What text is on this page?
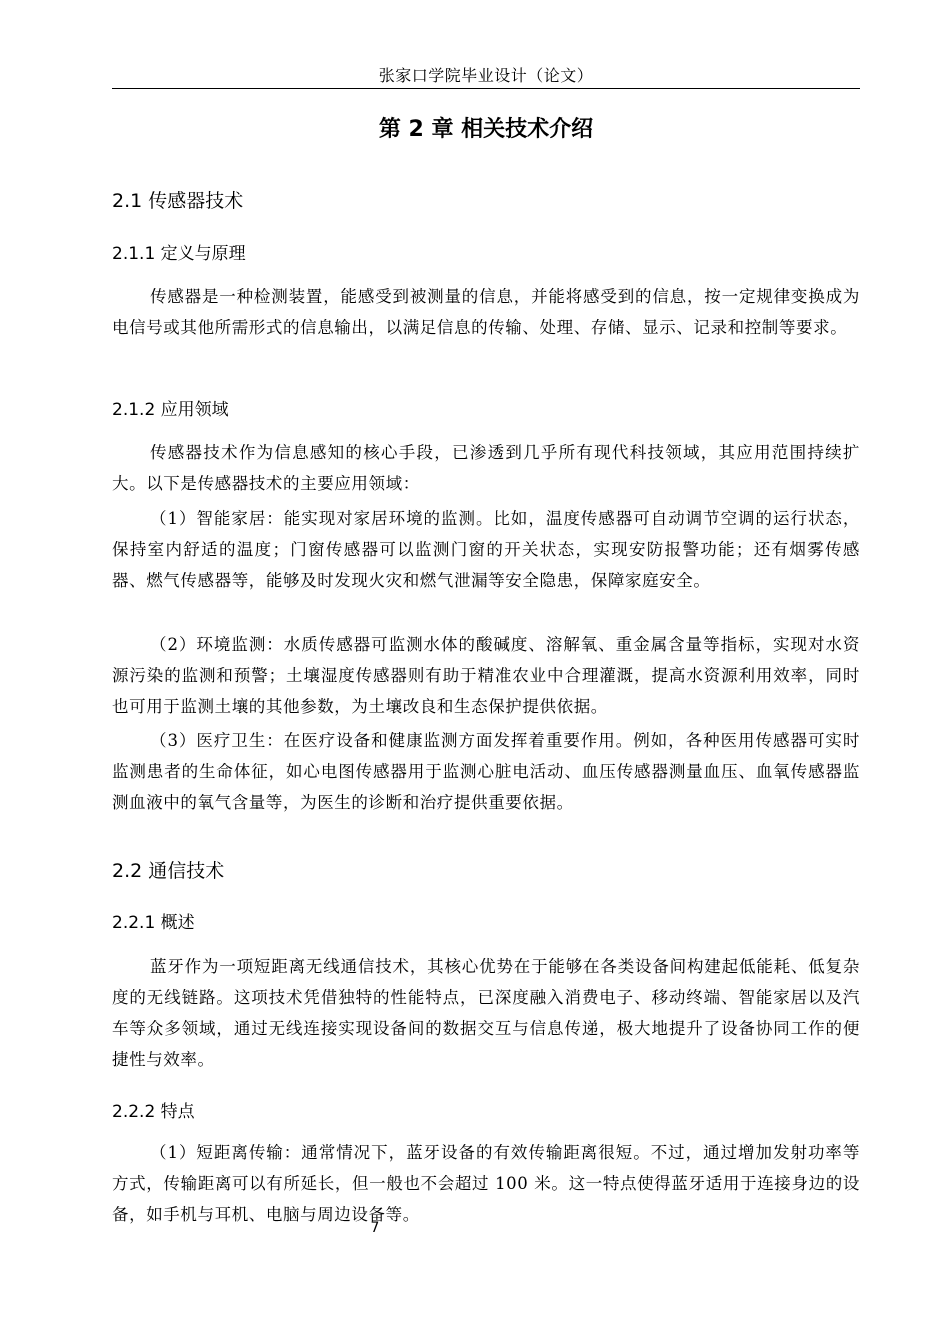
张家口学院毕业设计（论文）
第 2 章 相关技术介绍
2.1 传感器技术
2.1.1 定义与原理
传感器是一种检测装置，能感受到被测量的信息，并能将感受到的信息，按一定规律变换成为电信号或其他所需形式的信息输出，以满足信息的传输、处理、存储、显示、记录和控制等要求。
2.1.2 应用领域
传感器技术作为信息感知的核心手段，已渗透到几乎所有现代科技领域，其应用范围持续扩大。以下是传感器技术的主要应用领域：
（1）智能家居：能实现对家居环境的监测。比如，温度传感器可自动调节空调的运行状态，保持室内舒适的温度；门窗传感器可以监测门窗的开关状态，实现安防报警功能；还有烟雾传感器、燃气传感器等，能够及时发现火灾和燃气泄漏等安全隐患，保障家庭安全。
（2）环境监测：水质传感器可监测水体的酸碱度、溶解氧、重金属含量等指标，实现对水资源污染的监测和预警；土壤湿度传感器则有助于精准农业中合理灌溉，提高水资源利用效率，同时也可用于监测土壤的其他参数，为土壤改良和生态保护提供依据。
（3）医疗卫生：在医疗设备和健康监测方面发挥着重要作用。例如，各种医用传感器可实时监测患者的生命体征，如心电图传感器用于监测心脏电活动、血压传感器测量血压、血氧传感器监测血液中的氧气含量等，为医生的诊断和治疗提供重要依据。
2.2 通信技术
2.2.1 概述
蓝牙作为一项短距离无线通信技术，其核心优势在于能够在各类设备间构建起低能耗、低复杂度的无线链路。这项技术凭借独特的性能特点，已深度融入消费电子、移动终端、智能家居以及汽车等众多领域，通过无线连接实现设备间的数据交互与信息传递，极大地提升了设备协同工作的便捷性与效率。
2.2.2 特点
（1）短距离传输：通常情况下，蓝牙设备的有效传输距离很短。不过，通过增加发射功率等方式，传输距离可以有所延长，但一般也不会超过 100 米。这一特点使得蓝牙适用于连接身边的设备，如手机与耳机、电脑与周边设备等。
7
